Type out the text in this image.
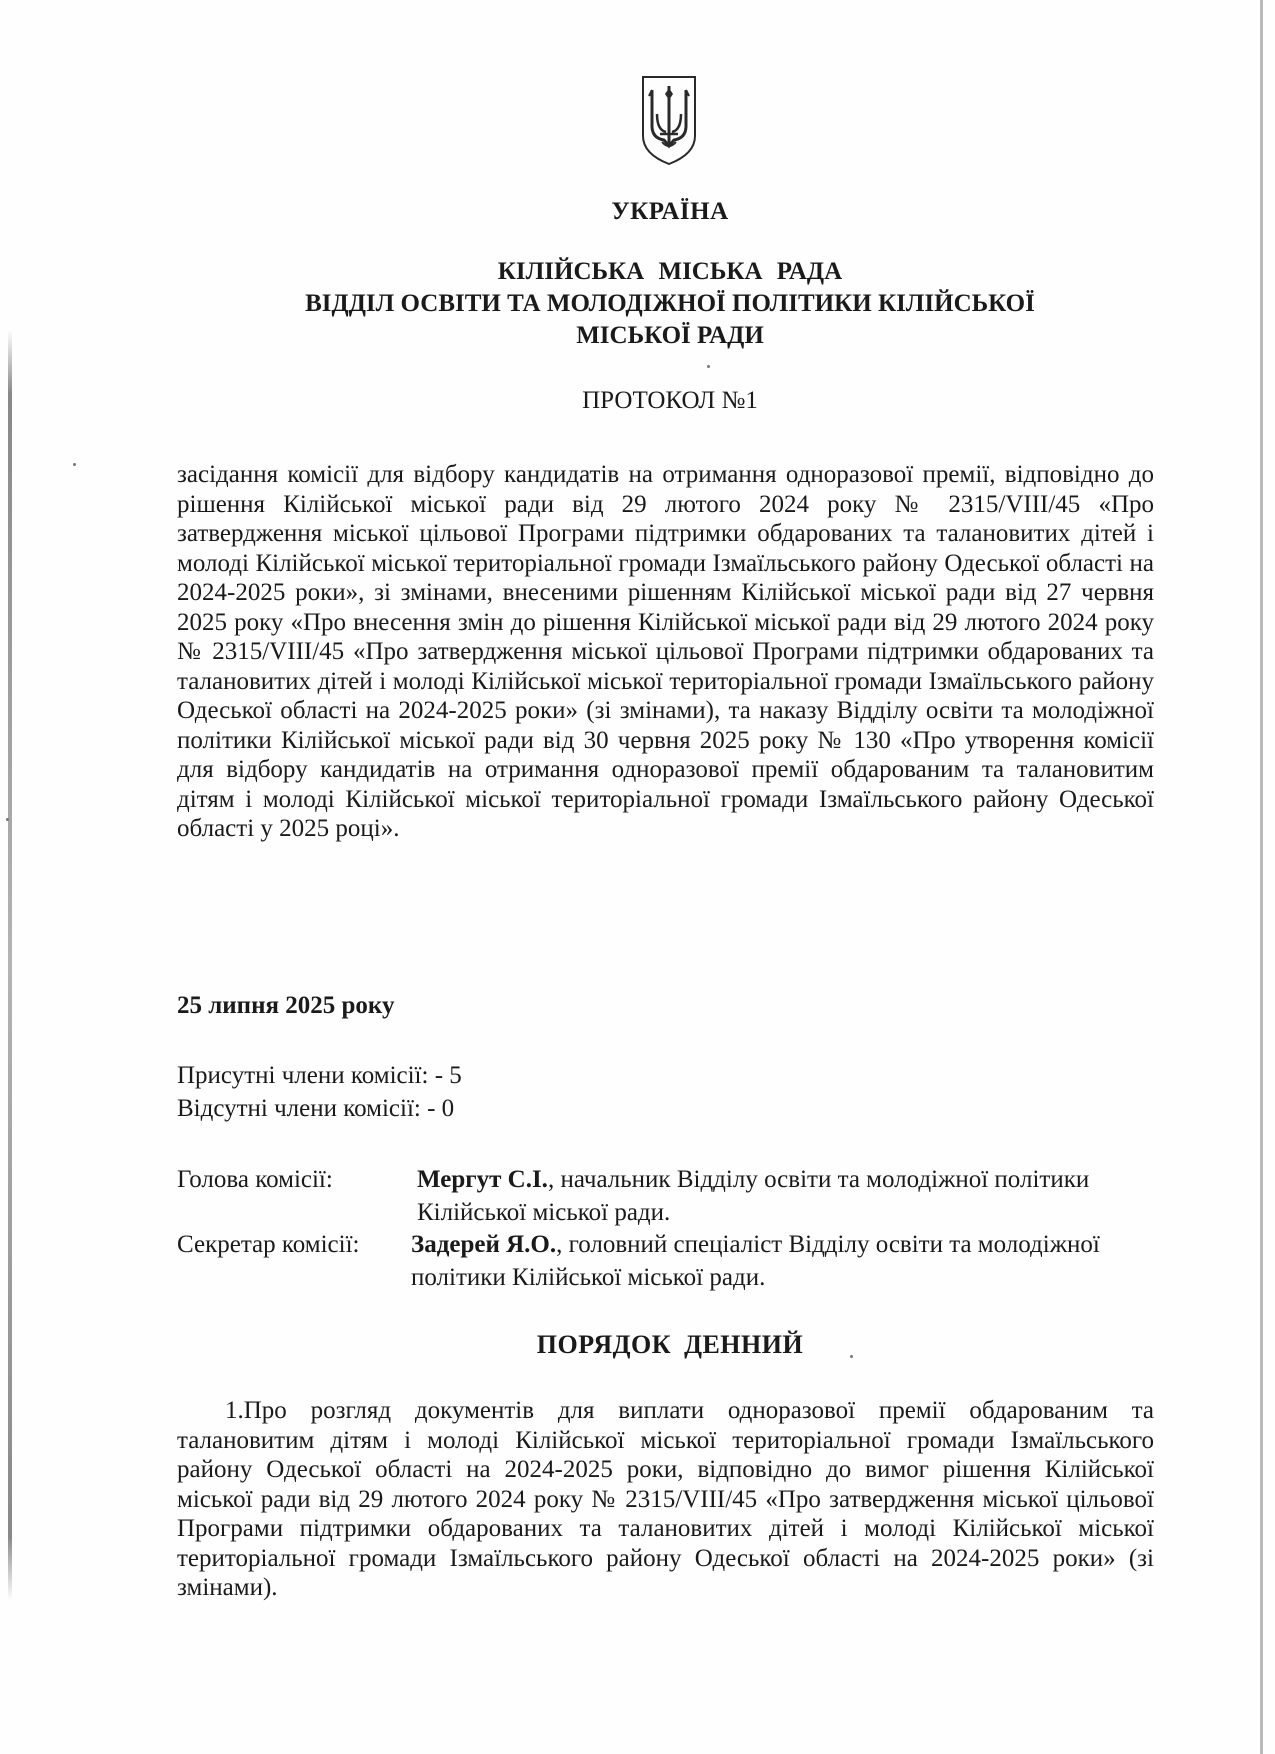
УКРАЇНА
КІЛІЙСЬКА МІСЬКА РАДА
ВІДДІЛ ОСВІТИ ТА МОЛОДІЖНОЇ ПОЛІТИКИ КІЛІЙСЬКОЇ
МІСЬКОЇ РАДИ
ПРОТОКОЛ №1
засідання комісії для відбору кандидатів на отримання одноразової премії, відповідно до рішення Кілійської міської ради від 29 лютого 2024 року № 2315/VIII/45 «Про затвердження міської цільової Програми підтримки обдарованих та талановитих дітей і молоді Кілійської міської територіальної громади Ізмаїльського району Одеської області на 2024-2025 роки», зі змінами, внесеними рішенням Кілійської міської ради від 27 червня 2025 року «Про внесення змін до рішення Кілійської міської ради від 29 лютого 2024 року № 2315/VIII/45 «Про затвердження міської цільової Програми підтримки обдарованих та талановитих дітей і молоді Кілійської міської територіальної громади Ізмаїльського району Одеської області на 2024-2025 роки» (зі змінами), та наказу Відділу освіти та молодіжної політики Кілійської міської ради від 30 червня 2025 року № 130 «Про утворення комісії для відбору кандидатів на отримання одноразової премії обдарованим та талановитим дітям і молоді Кілійської міської територіальної громади Ізмаїльського району Одеської області у 2025 році».
25 липня 2025 року
Присутні члени комісії: - 5
Відсутні члени комісії: - 0
Голова комісії:	Мергут С.І., начальник Відділу освіти та молодіжної політики Кілійської міської ради.
Секретар комісії:	Задерей Я.О., головний спеціаліст Відділу освіти та молодіжної політики Кілійської міської ради.
ПОРЯДОК ДЕННИЙ
1.Про розгляд документів для виплати одноразової премії обдарованим та талановитим дітям і молоді Кілійської міської територіальної громади Ізмаїльського району Одеської області на 2024-2025 роки, відповідно до вимог рішення Кілійської міської ради від 29 лютого 2024 року № 2315/VIII/45 «Про затвердження міської цільової Програми підтримки обдарованих та талановитих дітей і молоді Кілійської міської територіальної громади Ізмаїльського району Одеської області на 2024-2025 роки» (зі змінами).
